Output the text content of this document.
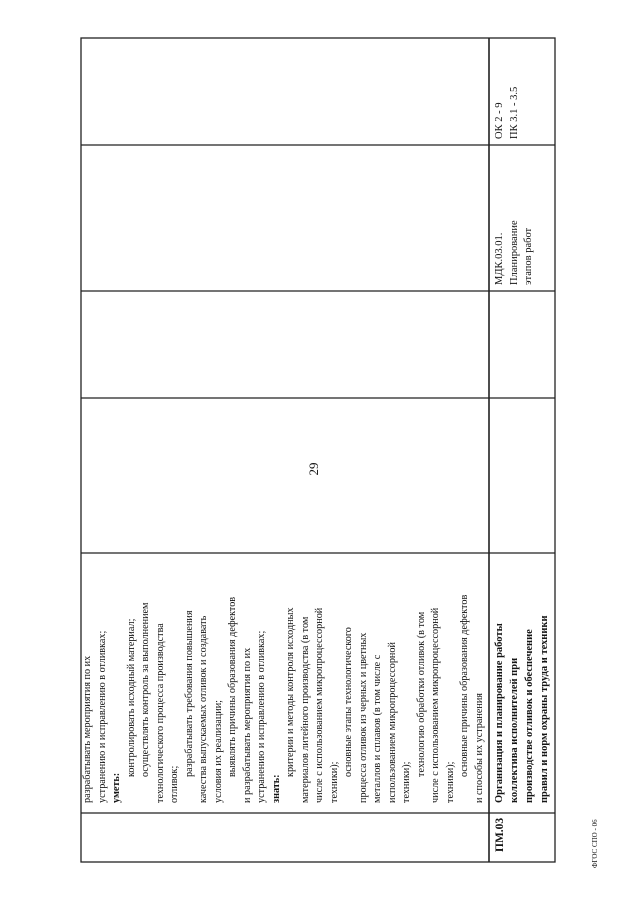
29
ФГОС СПО - 06
разрабатывать мероприятия по их устранению и исправлению в отливках; уметь:
контролировать исходный материал; осуществлять контроль за выполнением технологического процесса производства отливок;
разрабатывать требования повышения качества выпускаемых отливок и создавать условия их реализации; выявлять причины образования дефектов и разрабатывать мероприятия по их устранению и исправлению в отливках; знать:
критерии и методы контроля исходных материалов литейного производства (в том числе с использованием микропроцессорной техники);
основные этапы технологического процесса отливок из черных и цветных металлов и сплавов (в том числе с использованием микропроцессорной техники);
технологию обработки отливок (в том числе с использованием микропроцессорной техники);
основные причины образования дефектов и способы их устранения
ПМ.03
Организация и планирование работы коллектива исполнителей при производстве отливок и обеспечение правил и норм охраны труда и техники
МДК.03.01. Планирование этапов работ
ОК 2 - 9 ПК 3.1 - 3.5
